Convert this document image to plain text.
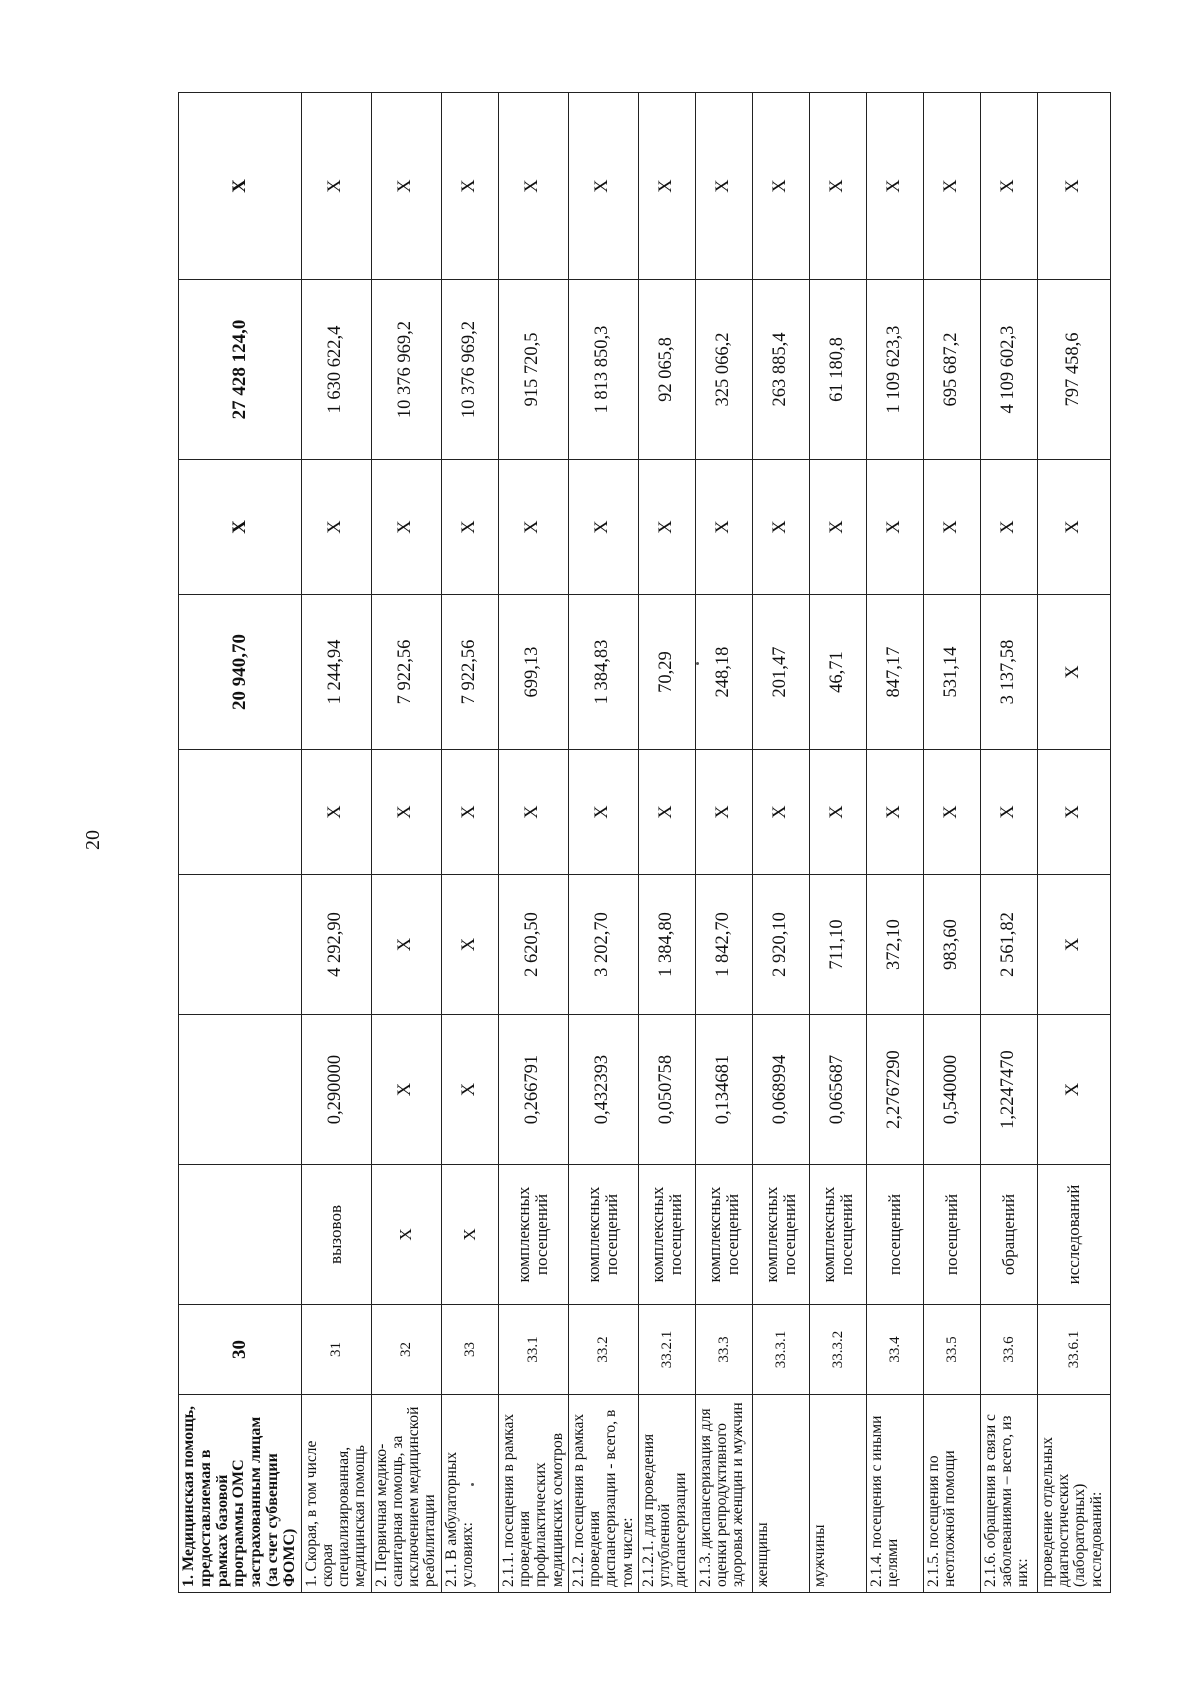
20
1. Медицинская помощь, предоставляемая в рамках базовой программы ОМС застрахованным лицам (за счет субвенции ФОМС)	30					20 940,70	X	27 428 124,0	X
1. Скорая, в том числе скорая специализированная, медицинская помощь	31	вызовов	0,290000	4 292,90	X	1 244,94	X	1 630 622,4	X
2. Первичная медико-санитарная помощь, за исключением медицинской реабилитации	32	X	X	X	X	7 922,56	X	10 376 969,2	X
2.1. В амбулаторных условиях:	33	X	X	X	X	7 922,56	X	10 376 969,2	X
2.1.1. посещения в рамках проведения профилактических медицинских осмотров	33.1	комплексных посещений	0,266791	2 620,50	X	699,13	X	915 720,5	X
2.1.2. посещения в рамках проведения диспансеризации - всего, в том числе:	33.2	комплексных посещений	0,432393	3 202,70	X	1 384,83	X	1 813 850,3	X
2.1.2.1. для проведения углубленной диспансеризации	33.2.1	комплексных посещений	0,050758	1 384,80	X	70,29	X	92 065,8	X
2.1.3. диспансеризация для оценки репродуктивного здоровья женщин и мужчин	33.3	комплексных посещений	0,134681	1 842,70	X	248,18	X	325 066,2	X
женщины	33.3.1	комплексных посещений	0,068994	2 920,10	X	201,47	X	263 885,4	X
мужчины	33.3.2	комплексных посещений	0,065687	711,10	X	46,71	X	61 180,8	X
2.1.4. посещения с иными целями	33.4	посещений	2,2767290	372,10	X	847,17	X	1 109 623,3	X
2.1.5. посещения по неотложной помощи	33.5	посещений	0,540000	983,60	X	531,14	X	695 687,2	X
2.1.6. обращения в связи с заболеваниями – всего, из них:	33.6	обращений	1,2247470	2 561,82	X	3 137,58	X	4 109 602,3	X
проведение отдельных диагностических (лабораторных) исследований:	33.6.1	исследований	X	X	X	X	X	797 458,6	X
